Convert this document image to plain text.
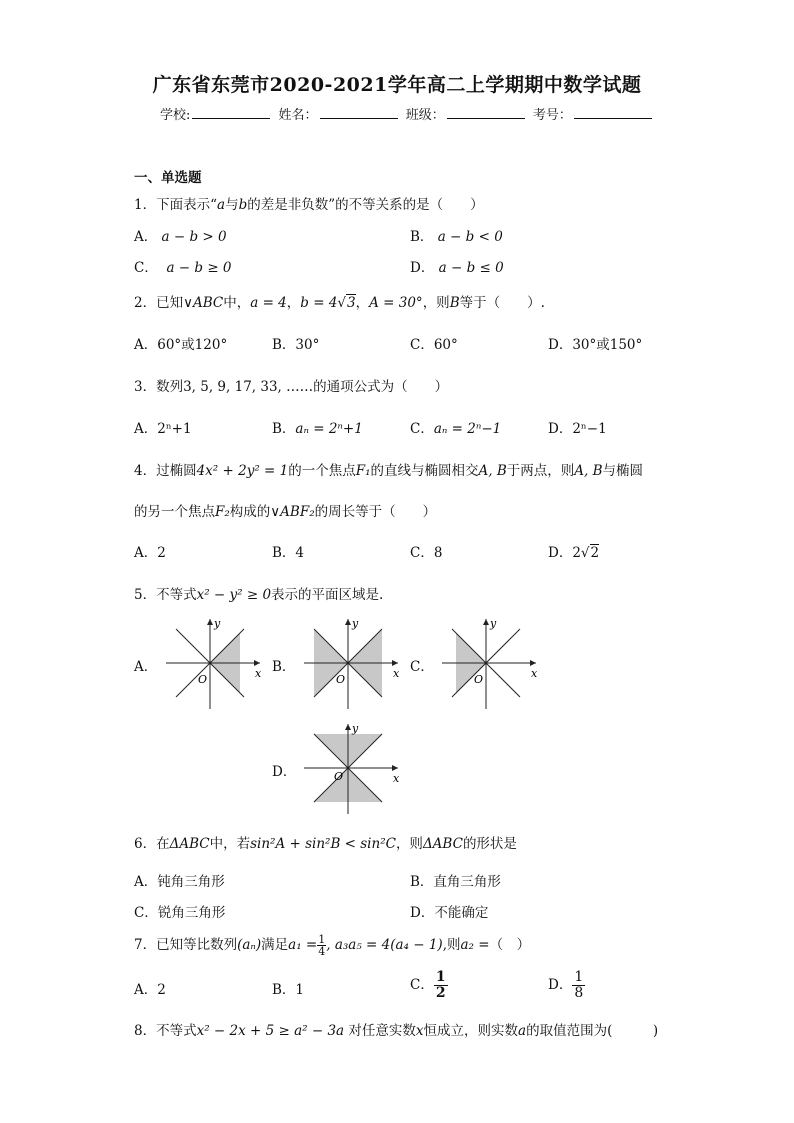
广东省东莞市2020-2021学年高二上学期期中数学试题
学校:	姓名：	班级：	考号：
一、单选题
1．下面表示“a与b的差是非负数”的不等关系的是（　　）
A． a − b > 0	B． a − b < 0
C． a − b ≥ 0	D． a − b ≤ 0
2．已知∨ABC中，a = 4，b = 4√3，A = 30°，则B等于（　　）.
A．60°或120°	B．30°	C．60°	D．30°或150°
3．数列3, 5, 9, 17, 33, ……的通项公式为（　　）
A．2ⁿ+1	B．aₙ = 2ⁿ+1	C．aₙ = 2ⁿ−1	D．2ⁿ−1
4．过椭圆4x² + 2y² = 1的一个焦点F₁的直线与椭圆相交A, B于两点，则A, B与椭圆
的另一个焦点F₂构成的∨ABF₂的周长等于（　　）
A．2	B．4	C．8	D．2√2
5．不等式x² − y² ≥ 0表示的平面区域是.
A．	B．	C．
D．
x
y
O	x
y
O	x
y
O
x
y
O
6．在ΔABC中，若sin²A + sin²B < sin²C，则ΔABC的形状是
A．钝角三角形	B．直角三角形
C．锐角三角形	D．不能确定
7．已知等比数列(aₙ)满足$a_1 = \frac{1}{4}$ , a₃a₅ = 4(a₄ − 1),则a₂ =（　）
A．2	B．1	C． $\frac{1}{2}$	D． $\frac{1}{8}$
8．不等式x² − 2x + 5 ≥ a² − 3a 对任意实数x恒成立，则实数a的取值范围为(　　　)
